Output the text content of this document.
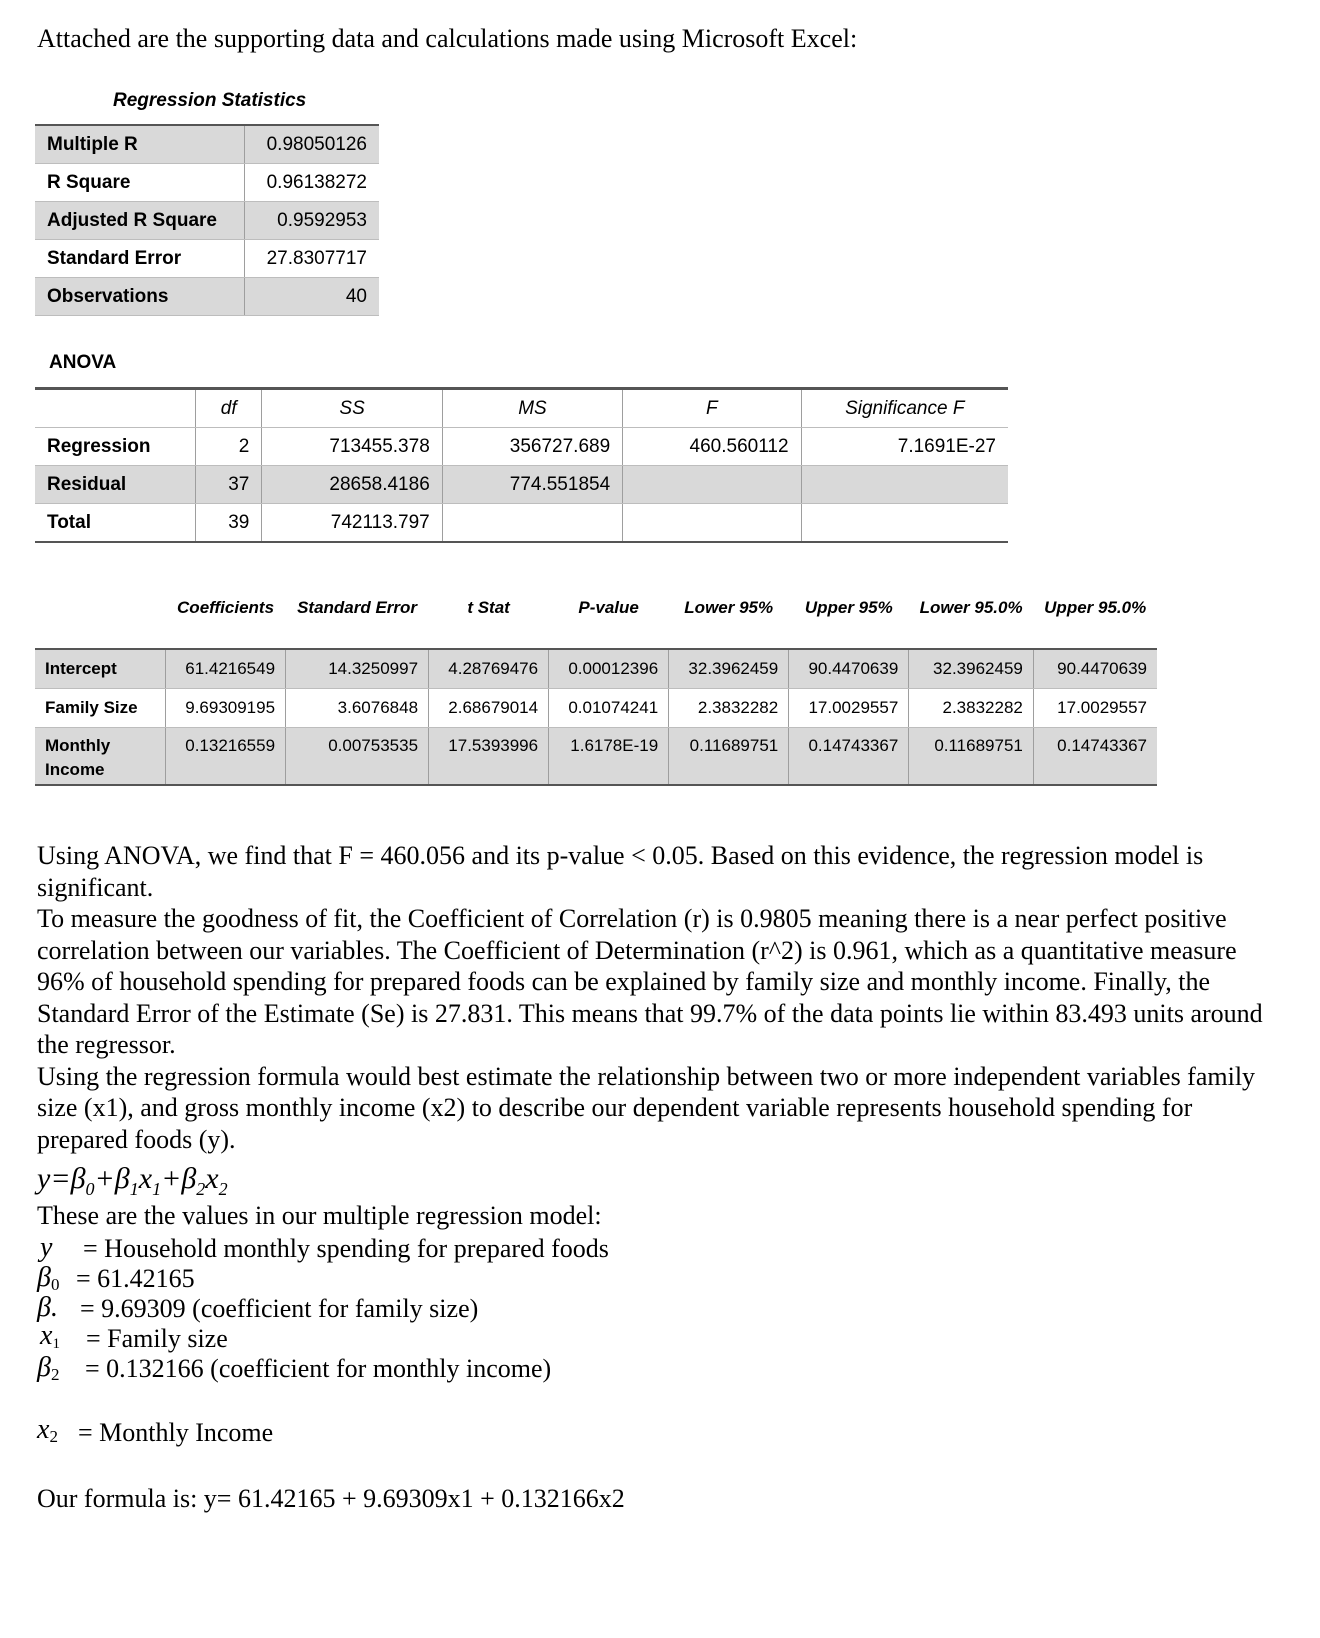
Attached are the supporting data and calculations made using Microsoft Excel:
Regression Statistics
Multiple R	0.98050126
R Square	0.96138272
Adjusted R Square	0.9592953
Standard Error	27.8307717
Observations	40
ANOVA
	df	SS	MS	F	Significance F
Regression	2	713455.378	356727.689	460.560112	7.1691E-27
Residual	37	28658.4186	774.551854		
Total	39	742113.797			
	Coefficients	Standard Error	t Stat	P-value	Lower 95%	Upper 95%	Lower 95.0%	Upper 95.0%
Intercept	61.4216549	14.3250997	4.28769476	0.00012396	32.3962459	90.4470639	32.3962459	90.4470639
Family Size	9.69309195	3.6076848	2.68679014	0.01074241	2.3832282	17.0029557	2.3832282	17.0029557
Monthly Income	0.13216559	0.00753535	17.5393996	1.6178E-19	0.11689751	0.14743367	0.11689751	0.14743367

Using ANOVA, we find that F = 460.056 and its p-value < 0.05. Based on this evidence, the regression model is significant.

To measure the goodness of fit, the Coefficient of Correlation (r) is 0.9805 meaning there is a near perfect positive correlation between our variables. The Coefficient of Determination (r^2) is 0.961, which as a quantitative measure 96% of household spending for prepared foods can be explained by family size and monthly income. Finally, the Standard Error of the Estimate (Se) is 27.831. This means that 99.7% of the data points lie within 83.493 units around the regressor.

Using the regression formula would best estimate the relationship between two or more independent variables family size (x1), and gross monthly income (x2) to describe our dependent variable represents household spending for prepared foods (y).

$y=\beta_0+\beta_1x_1+\beta_2x_2$
These are the values in our multiple regression model:
y = Household monthly spending for prepared foods
$\beta_0 = 61.42165$
β. = 9.69309 (coefficient for family size)
$x_1$ = Family size
$\beta_2 = 0.132166$ (coefficient for monthly income)
$x_2$ = Monthly Income
Our formula is: y= 61.42165 + 9.69309x1 + 0.132166x2
